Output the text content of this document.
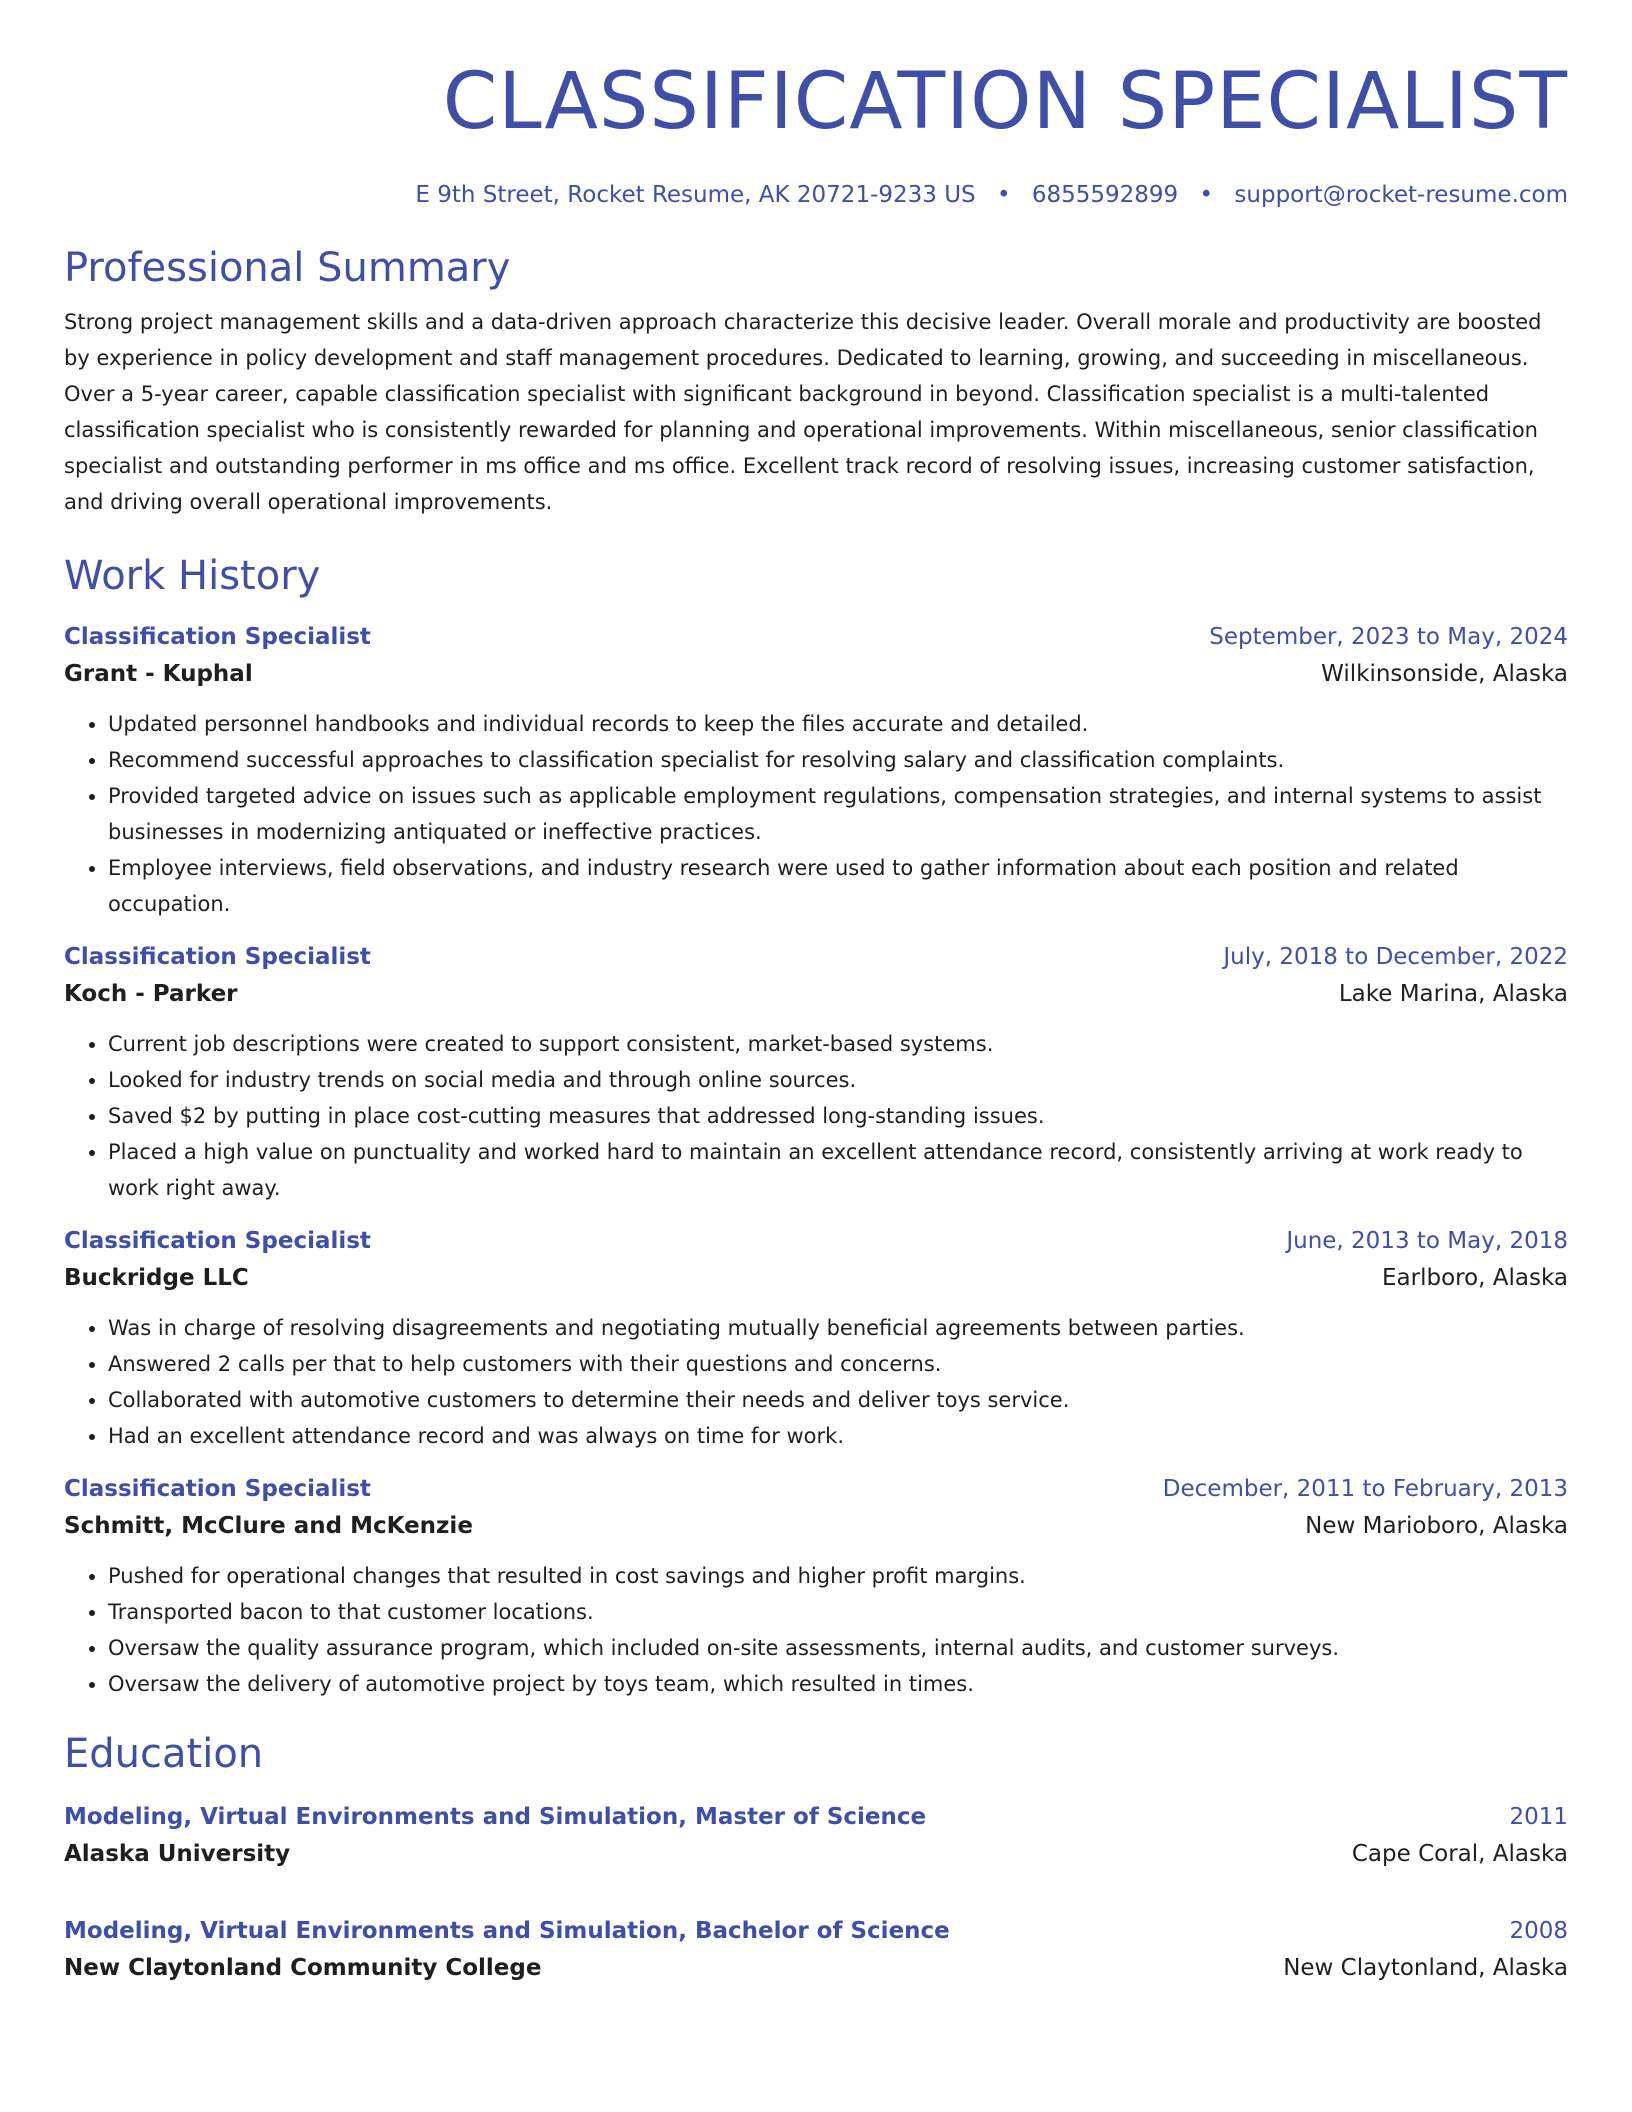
CLASSIFICATION SPECIALIST
E 9th Street, Rocket Resume, AK 20721-9233 US • 6855592899 • support@rocket-resume.com
Professional Summary
Strong project management skills and a data-driven approach characterize this decisive leader. Overall morale and productivity are boosted by experience in policy development and staff management procedures. Dedicated to learning, growing, and succeeding in miscellaneous. Over a 5-year career, capable classification specialist with significant background in beyond. Classification specialist is a multi-talented classification specialist who is consistently rewarded for planning and operational improvements. Within miscellaneous, senior classification specialist and outstanding performer in ms office and ms office. Excellent track record of resolving issues, increasing customer satisfaction, and driving overall operational improvements.
Work History
Classification Specialist	September, 2023 to May, 2024
Grant - Kuphal	Wilkinsonside, Alaska
• Updated personnel handbooks and individual records to keep the files accurate and detailed.
• Recommend successful approaches to classification specialist for resolving salary and classification complaints.
• Provided targeted advice on issues such as applicable employment regulations, compensation strategies, and internal systems to assist businesses in modernizing antiquated or ineffective practices.
• Employee interviews, field observations, and industry research were used to gather information about each position and related occupation.
Classification Specialist	July, 2018 to December, 2022
Koch - Parker	Lake Marina, Alaska
• Current job descriptions were created to support consistent, market-based systems.
• Looked for industry trends on social media and through online sources.
• Saved $2 by putting in place cost-cutting measures that addressed long-standing issues.
• Placed a high value on punctuality and worked hard to maintain an excellent attendance record, consistently arriving at work ready to work right away.
Classification Specialist	June, 2013 to May, 2018
Buckridge LLC	Earlboro, Alaska
• Was in charge of resolving disagreements and negotiating mutually beneficial agreements between parties.
• Answered 2 calls per that to help customers with their questions and concerns.
• Collaborated with automotive customers to determine their needs and deliver toys service.
• Had an excellent attendance record and was always on time for work.
Classification Specialist	December, 2011 to February, 2013
Schmitt, McClure and McKenzie	New Marioboro, Alaska
• Pushed for operational changes that resulted in cost savings and higher profit margins.
• Transported bacon to that customer locations.
• Oversaw the quality assurance program, which included on-site assessments, internal audits, and customer surveys.
• Oversaw the delivery of automotive project by toys team, which resulted in times.
Education
Modeling, Virtual Environments and Simulation, Master of Science	2011
Alaska University	Cape Coral, Alaska
Modeling, Virtual Environments and Simulation, Bachelor of Science	2008
New Claytonland Community College	New Claytonland, Alaska
